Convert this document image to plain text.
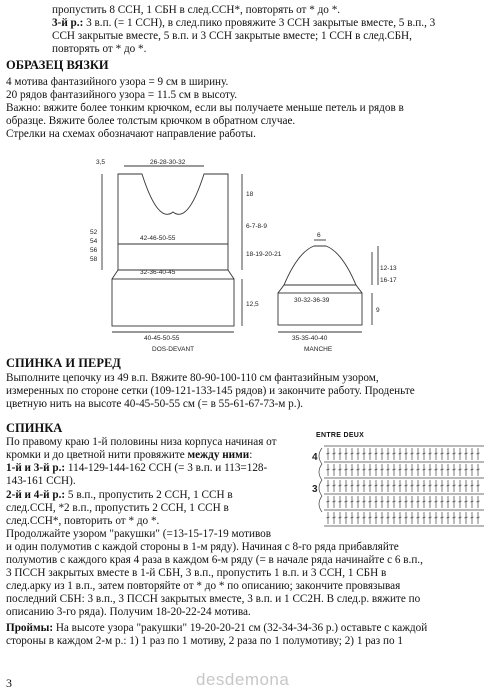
пропустить 8 ССН, 1 СБН в след.ССН*, повторять от * до *.
3-й р.: 3 в.п. (= 1 ССН), в след.пико провяжите 3 ССН закрытые вместе, 5 в.п., 3
ССН закрытые вместе, 5 в.п. и 3 ССН закрытые вместе; 1 ССН в след.СБН,
повторять от * до *.
ОБРАЗЕЦ ВЯЗКИ
4 мотива фантазийного узора = 9 см в ширину.
20 рядов фантазийного узора = 11.5 см в высоту.
Важно: вяжите более тонким крючком, если вы получаете меньше петель и рядов в
образце. Вяжите более толстым крючком в обратном случае.
Стрелки на схемах обозначают направление работы.
3,5	26-28-30-32
18
6-7-8-9
18-19-20-21
52
54
56
58
42-46-50-55
32-36-40-45
12,5
40-45-50-55
DOS-DEVANT
6
12-13
16-17
30-32-36-39
9
35-35-40-40
MANCHE
СПИНКА И ПЕРЕД
Выполните цепочку из 49 в.п. Вяжите 80-90-100-110 см фантазийным узором,
измеренных по стороне сетки (109-121-133-145 рядов) и закончите работу. Проденьте
цветную нить на высоте 40-45-50-55 см (= в 55-61-67-73-м р.).
СПИНКА
По правому краю 1-й половины низа корпуса начиная от
кромки и до цветной нити провяжите между ними:
1-й и 3-й р.: 114-129-144-162 ССН (= 3 в.п. и 113=128-
143-161 ССН).
2-й и 4-й р.: 5 в.п., пропустить 2 ССН, 1 ССН в
след.ССН, *2 в.п., пропустить 2 ССН, 1 ССН в
след.ССН*, повторить от * до *.
Продолжайте узором "ракушки" (=13-15-17-19 мотивов
и один полумотив с каждой стороны в 1-м ряду). Начиная с 8-го ряда прибавляйте
полумотив с каждого края 4 раза в каждом 6-м ряду (= в начале ряда начинайте с 6 в.п.,
3 ПССН закрытых вместе в 1-й СБН, 3 в.п., пропустить 1 в.п. и 3 ССН, 1 СБН в
след.арку из 1 в.п., затем повторяйте от * до * по описанию; закончите провязывая
последний СБН: 3 в.п., 3 ПССН закрытых вместе, 3 в.п. и 1 СС2Н. В след.р. вяжите по
описанию 3-го ряда). Получим 18-20-22-24 мотива.
Проймы: На высоте узора "ракушки" 19-20-20-21 см (32-34-34-36 р.) оставьте с каждой
стороны в каждом 2-м р.: 1) 1 раз по 1 мотиву, 2 раза по 1 полумотиву; 2) 1 раз по 1
ENTRE DEUX
4
3
3	desdemona
